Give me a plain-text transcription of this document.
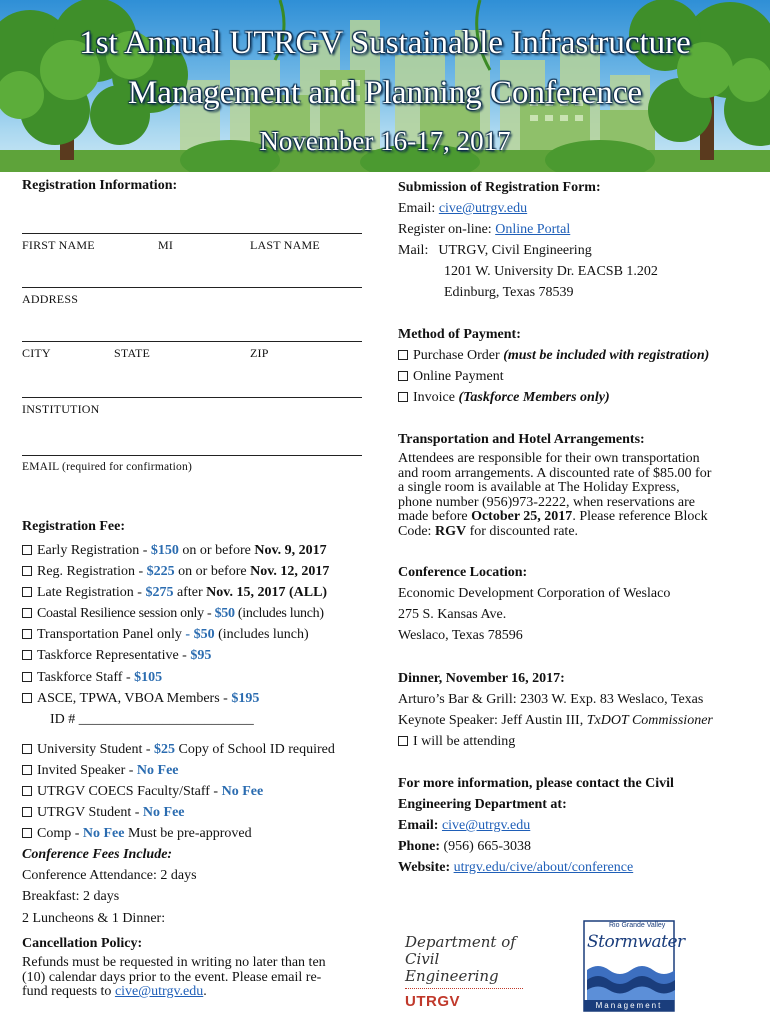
1st Annual UTRGV Sustainable Infrastructure
Management and Planning Conference
November 16-17, 2017
Registration Information:
FIRST NAME	MI	LAST NAME
ADDRESS
CITY	STATE	ZIP
INSTITUTION
EMAIL (required for confirmation)
Registration Fee:
Early Registration - $150 on or before Nov. 9, 2017
Reg. Registration - $225 on or before Nov. 12, 2017
Late Registration - $275 after Nov. 15, 2017 (ALL)
Coastal Resilience session only - $50 (includes lunch)
Transportation Panel only - $50 (includes lunch)
Taskforce Representative - $95
Taskforce Staff - $105
ASCE, TPWA, VBOA Members - $195
ID # _________________________
University Student - $25 Copy of School ID required
Invited Speaker - No Fee
UTRGV COECS Faculty/Staff - No Fee
UTRGV Student - No Fee
Comp - No Fee Must be pre-approved
Conference Fees Include:
Conference Attendance: 2 days
Breakfast: 2 days
2 Luncheons & 1 Dinner:
Cancellation Policy:
Refunds must be requested in writing no later than ten
(10) calendar days prior to the event. Please email re-
fund requests to cive@utrgv.edu.
Submission of Registration Form:
Email: cive@utrgv.edu
Register on-line: Online Portal
Mail: UTRGV, Civil Engineering
1201 W. University Dr. EACSB 1.202
Edinburg, Texas 78539
Method of Payment:
Purchase Order (must be included with registration)
Online Payment
Invoice (Taskforce Members only)
Transportation and Hotel Arrangements:
Attendees are responsible for their own transportation
and room arrangements. A discounted rate of $85.00 for
a single room is available at The Holiday Express,
phone number (956)973-2222, when reservations are
made before October 25, 2017. Please reference Block
Code: RGV for discounted rate.
Conference Location:
Economic Development Corporation of Weslaco
275 S. Kansas Ave.
Weslaco, Texas 78596
Dinner, November 16, 2017:
Arturo’s Bar & Grill: 2303 W. Exp. 83 Weslaco, Texas
Keynote Speaker: Jeff Austin III, TxDOT Commissioner
I will be attending
For more information, please contact the Civil
Engineering Department at:
Email: cive@utrgv.edu
Phone: (956) 665-3038
Website: utrgv.edu/cive/about/conference
Department of
Civil Engineering
UTRGV
Rio Grande Valley
Stormwater
Management
